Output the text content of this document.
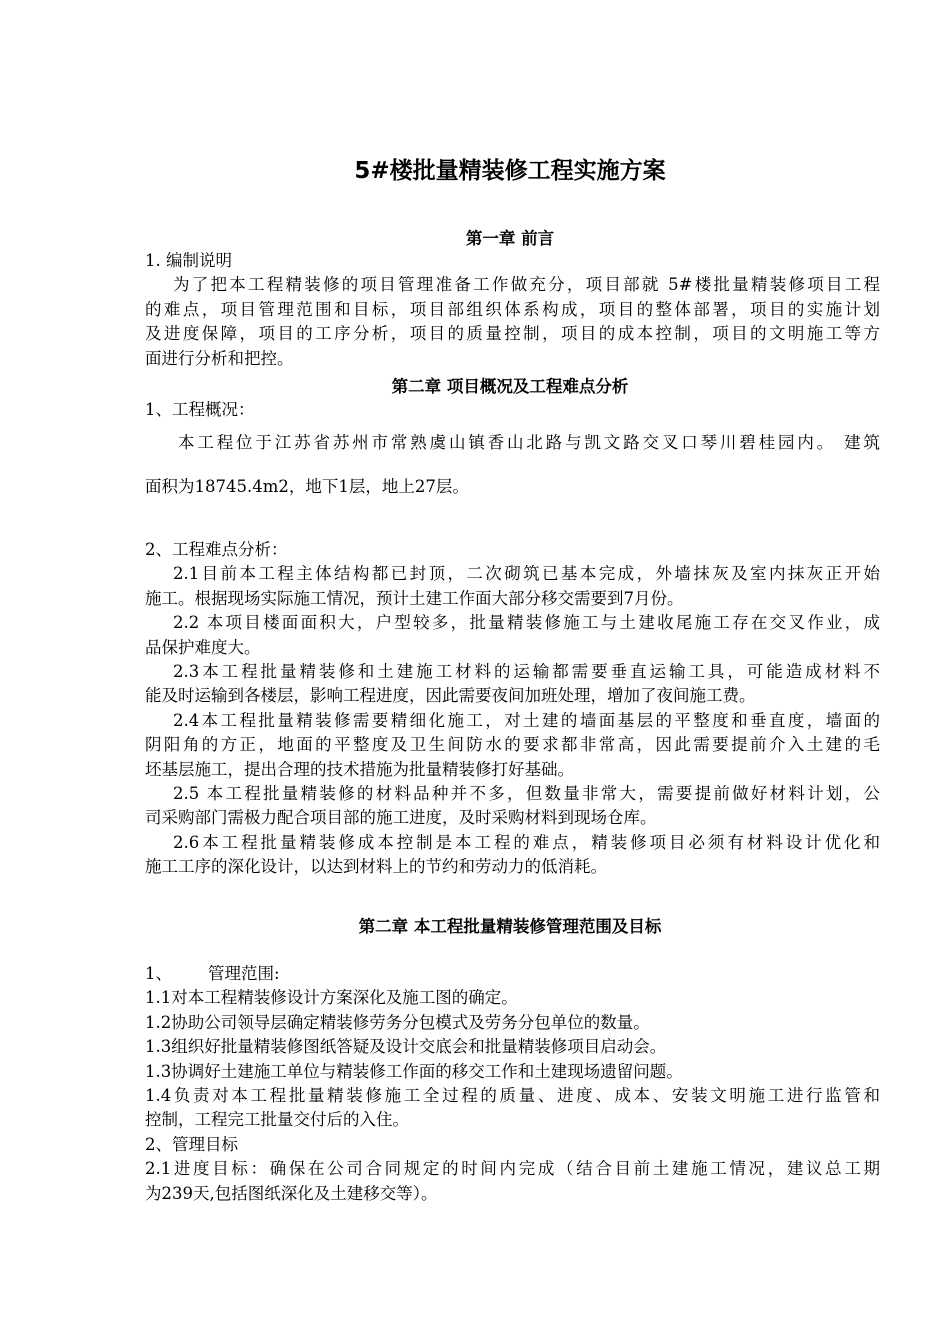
5#楼批量精装修工程实施方案
第一章 前言
1. 编制说明
为了把本工程精装修的项目管理准备工作做充分，项目部就 5#楼批量精装修项目工程
的难点，项目管理范围和目标，项目部组织体系构成，项目的整体部署，项目的实施计划
及进度保障，项目的工序分析，项目的质量控制，项目的成本控制，项目的文明施工等方
面进行分析和把控。
第二章 项目概况及工程难点分析
1、工程概况：
本工程位于江苏省苏州市常熟虞山镇香山北路与凯文路交叉口琴川碧桂园内。 建筑
面积为18745.4m2，地下1层，地上27层。
2、工程难点分析：
2.1目前本工程主体结构都已封顶，二次砌筑已基本完成，外墙抹灰及室内抹灰正开始
施工。根据现场实际施工情况，预计土建工作面大部分移交需要到7月份。
2.2 本项目楼面面积大，户型较多，批量精装修施工与土建收尾施工存在交叉作业，成
品保护难度大。
2.3本工程批量精装修和土建施工材料的运输都需要垂直运输工具，可能造成材料不
能及时运输到各楼层，影响工程进度，因此需要夜间加班处理，增加了夜间施工费。
2.4本工程批量精装修需要精细化施工，对土建的墙面基层的平整度和垂直度，墙面的
阴阳角的方正，地面的平整度及卫生间防水的要求都非常高，因此需要提前介入土建的毛
坯基层施工，提出合理的技术措施为批量精装修打好基础。
2.5 本工程批量精装修的材料品种并不多，但数量非常大，需要提前做好材料计划，公
司采购部门需极力配合项目部的施工进度，及时采购材料到现场仓库。
2.6本工程批量精装修成本控制是本工程的难点，精装修项目必须有材料设计优化和
施工工序的深化设计，以达到材料上的节约和劳动力的低消耗。
第二章 本工程批量精装修管理范围及目标
1、 管理范围:
1.1对本工程精装修设计方案深化及施工图的确定。
1.2协助公司领导层确定精装修劳务分包模式及劳务分包单位的数量。
1.3组织好批量精装修图纸答疑及设计交底会和批量精装修项目启动会。
1.3协调好土建施工单位与精装修工作面的移交工作和土建现场遗留问题。
1.4负责对本工程批量精装修施工全过程的质量、进度、成本、安装文明施工进行监管和
控制，工程完工批量交付后的入住。
2、管理目标
2.1进度目标：确保在公司合同规定的时间内完成（结合目前土建施工情况，建议总工期
为239天,包括图纸深化及土建移交等）。
